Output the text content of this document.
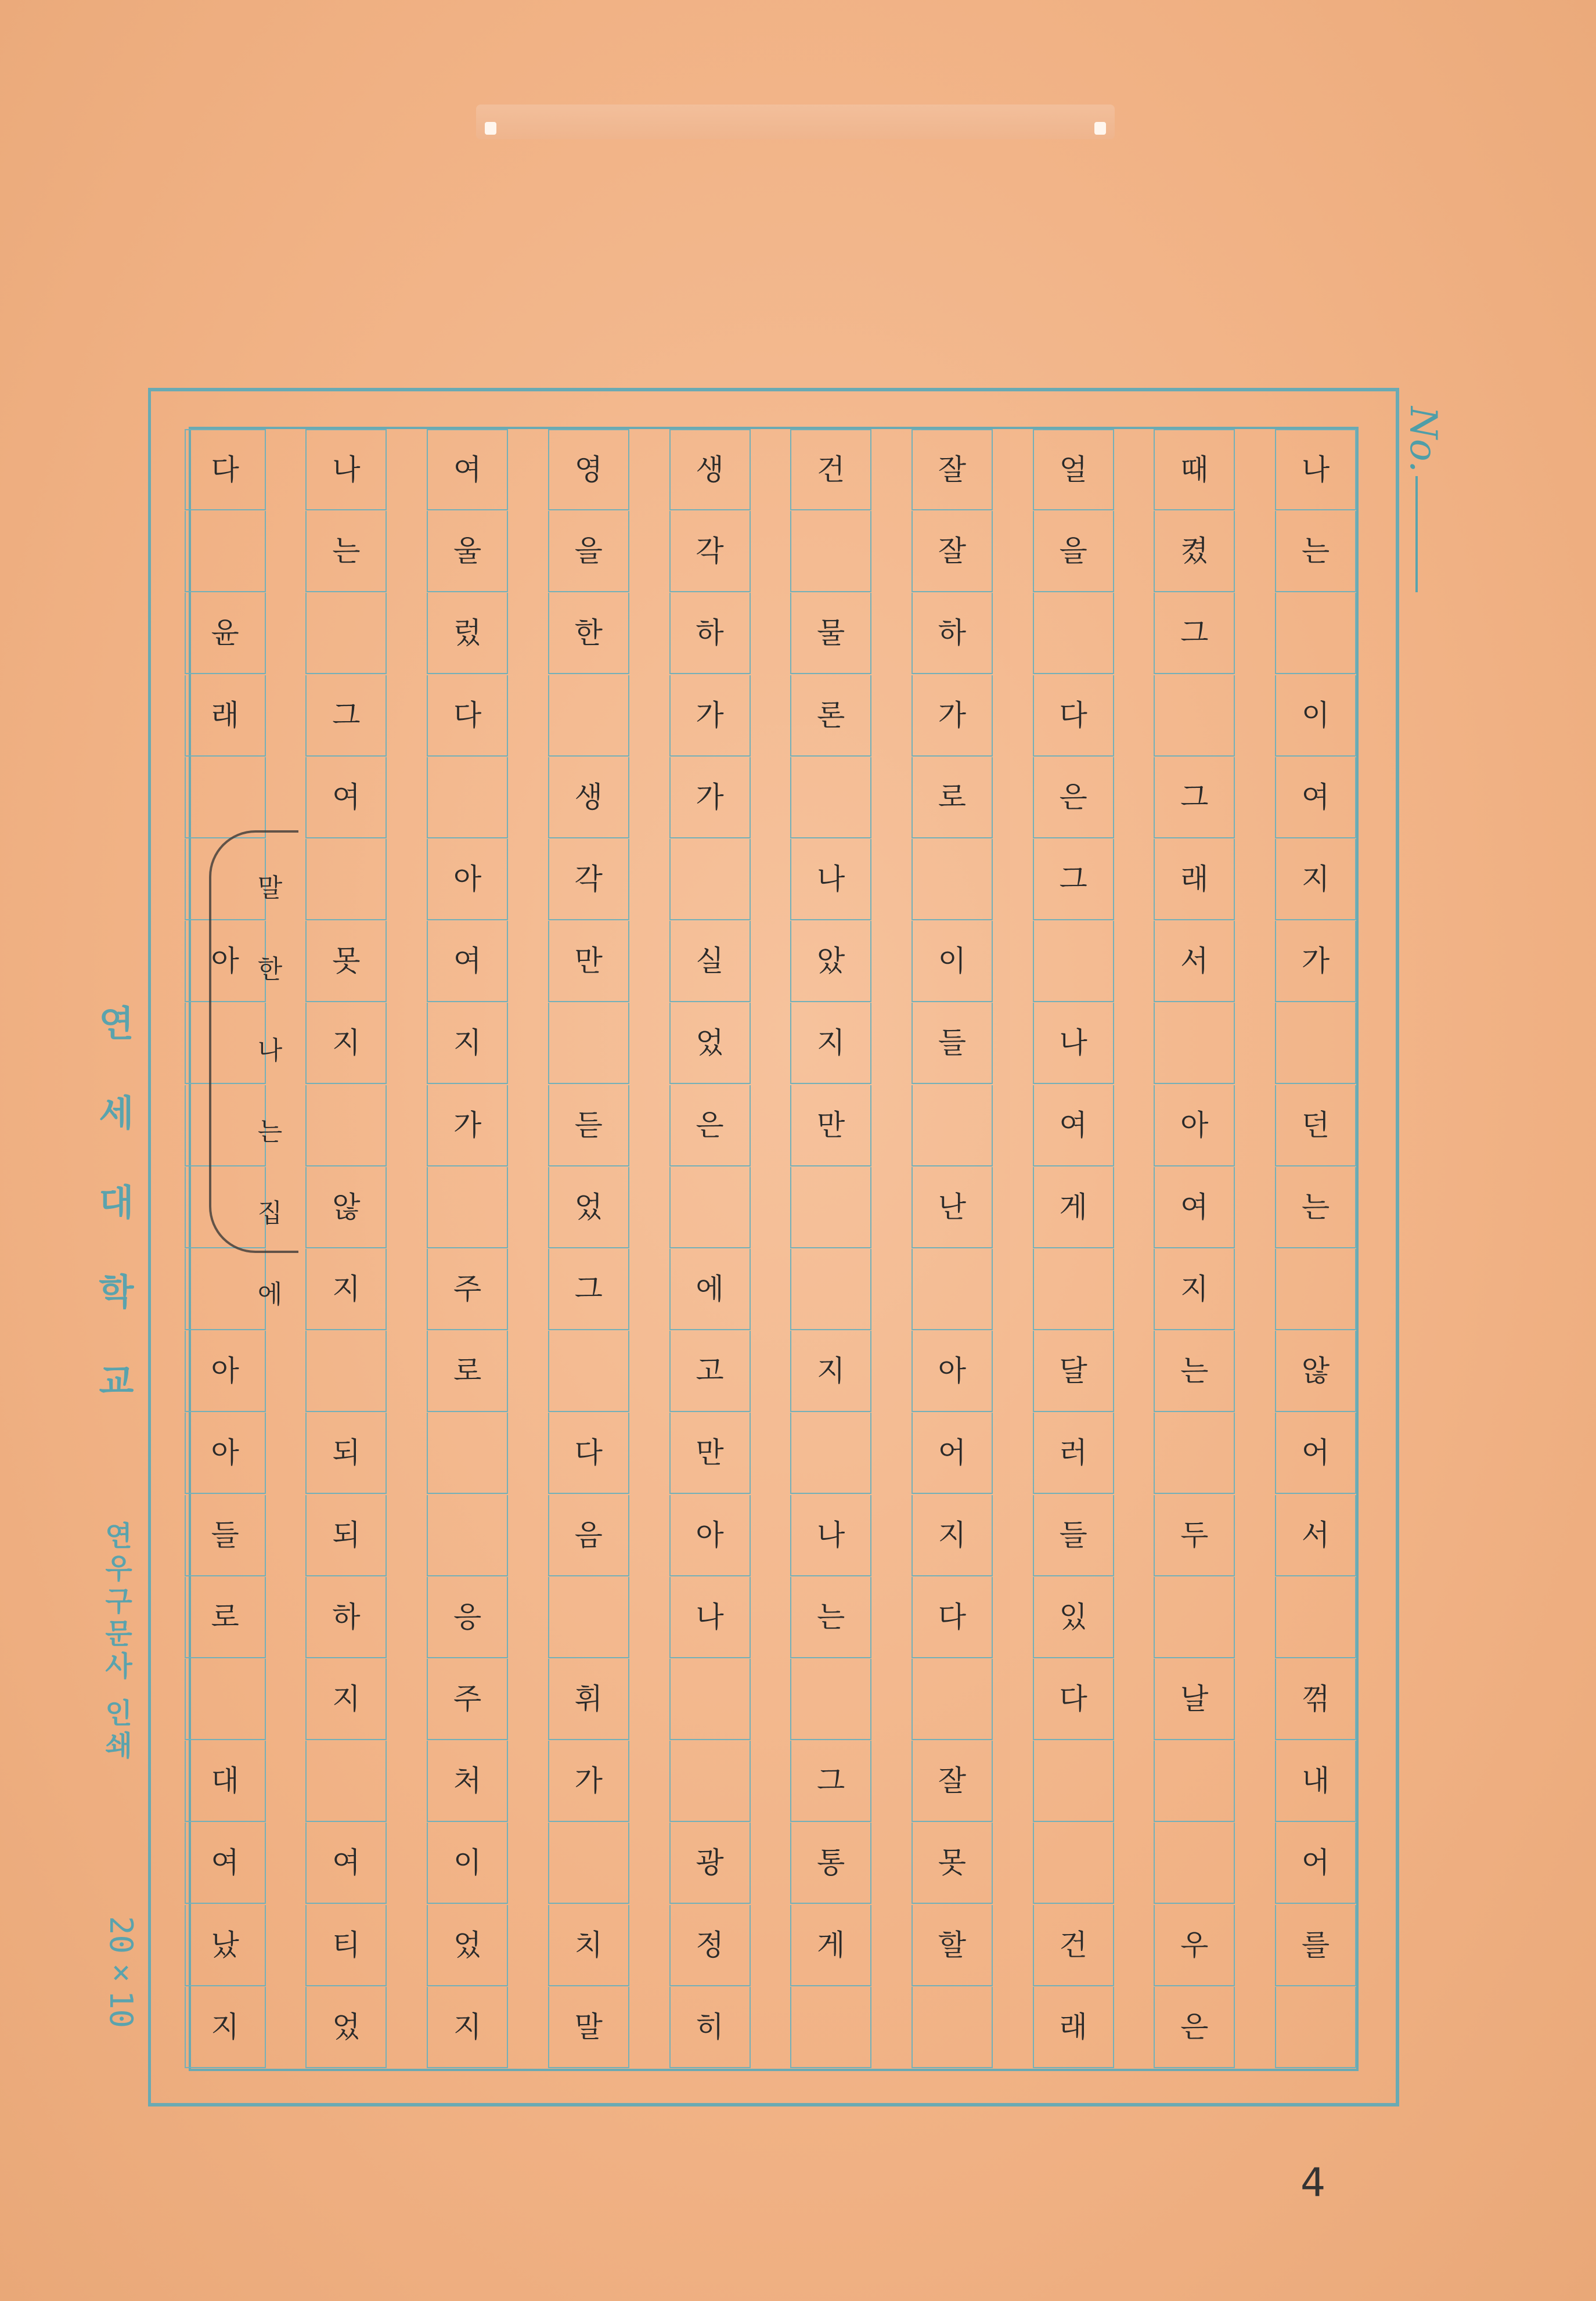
No.
연세대학교
연우구문사 인쇄
20×10
나
는
이
여
지
가
던
는
않
어
서
꺾
내
어
를
때
켰
그
그
래
서
아
여
지
는
두
날
우
은
얼
을
다
은
그
나
여
게
달
러
들
있
다
건
래
잘
잘
하
가
로
이
들
난
아
어
지
다
잘
못
할
건
물
론
나
았
지
만
지
나
는
그
통
게
생
각
하
가
가
실
었
은
에
고
만
아
나
광
정
히
영
을
한
생
각
만
듣
었
그
다
음
휘
가
치
말
여
울
렀
다
아
여
지
가
주
로
응
주
처
이
었
지
나
는
그
여
못
지
않
지
되
되
하
지
여
티
었
다
윤
래
아
아
아
들
로
대
여
났
지
말
한
나
는
집
에
4
